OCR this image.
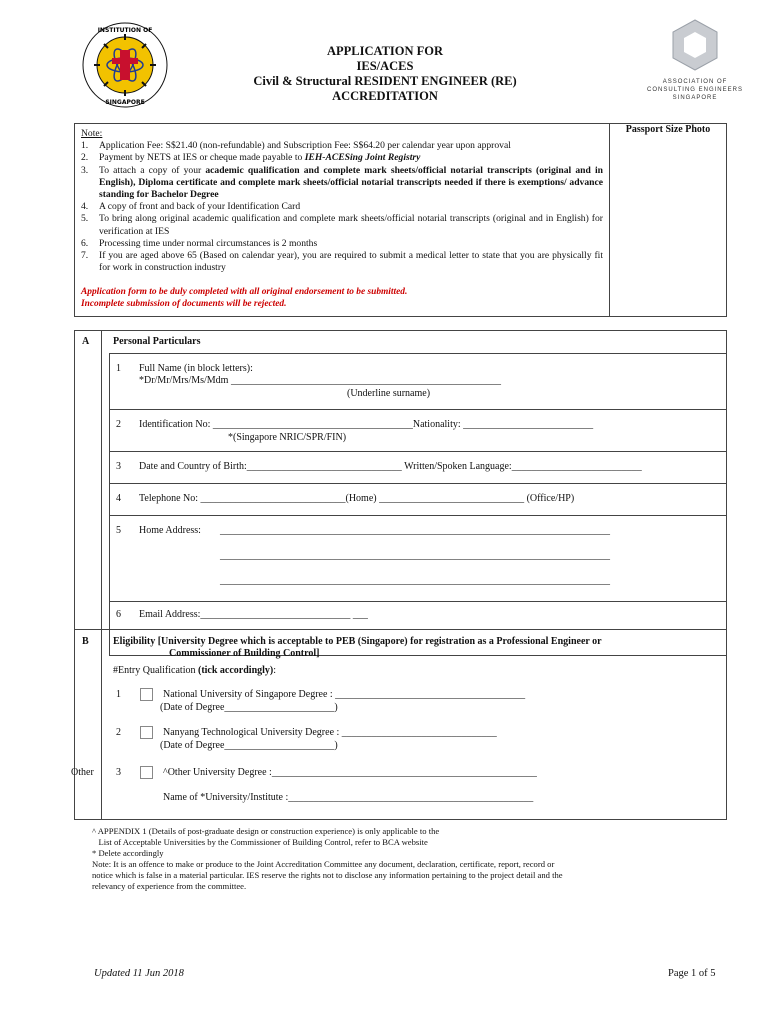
INSTITUTION OF
SINGAPORE
ASSOCIATION OF
CONSULTING ENGINEERS
SINGAPORE
APPLICATION FOR
IES/ACES
Civil & Structural RESIDENT ENGINEER (RE)
ACCREDITATION
Note:
1.	Application Fee: S$21.40 (non-refundable) and Subscription Fee: S$64.20 per calendar year upon approval
2.	Payment by NETS at IES or cheque made payable to IEH-ACESing Joint Registry
3.	To attach a copy of your academic qualification and complete mark sheets/official notarial transcripts (original and in English), Diploma certificate and complete mark sheets/official notarial transcripts needed if there is exemptions/ advance standing for Bachelor Degree
4.	A copy of front and back of your Identification Card
5.	To bring along original academic qualification and complete mark sheets/official notarial transcripts (original and in English) for verification at IES
6.	Processing time under normal circumstances is 2 months
7.	If you are aged above 65 (Based on calendar year), you are required to submit a medical letter to state that you are physically fit for work in construction industry
Application form to be duly completed with all original endorsement to be submitted.
Incomplete submission of documents will be rejected.
	Passport Size Photo
A Personal Particulars
1 Full Name (in block letters):
*Dr/Mr/Mrs/Ms/Mdm ______________________________________________________
(Underline surname)
2 Identification No: ________________________________________Nationality: __________________________
*(Singapore NRIC/SPR/FIN)
3 Date and Country of Birth:_______________________________ Written/Spoken Language:__________________________
4 Telephone No: _____________________________(Home) _____________________________ (Office/HP)
5 Home Address: ______________________________________________________________________________
______________________________________________________________________________
______________________________________________________________________________
6 Email Address:______________________________ ___
B Eligibility [University Degree which is acceptable to PEB (Singapore) for registration as a Professional Engineer or
Commissioner of Building Control]
#Entry Qualification (tick accordingly):
1	National University of Singapore Degree : ______________________________________
(Date of Degree______________________)
2	Nanyang Technological University Degree : _______________________________
(Date of Degree______________________)
Other 3	^Other University Degree :_____________________________________________________
Name of *University/Institute :_________________________________________________
^ APPENDIX 1 (Details of post-graduate design or construction experience) is only applicable to the
List of Acceptable Universities by the Commissioner of Building Control, refer to BCA website
* Delete accordingly
Note: It is an offence to make or produce to the Joint Accreditation Committee any document, declaration, certificate, report, record or
notice which is false in a material particular. IES reserve the rights not to disclose any information pertaining to the project detail and the
relevancy of experience from the committee.
Updated 11 Jun 2018	Page 1 of 5
